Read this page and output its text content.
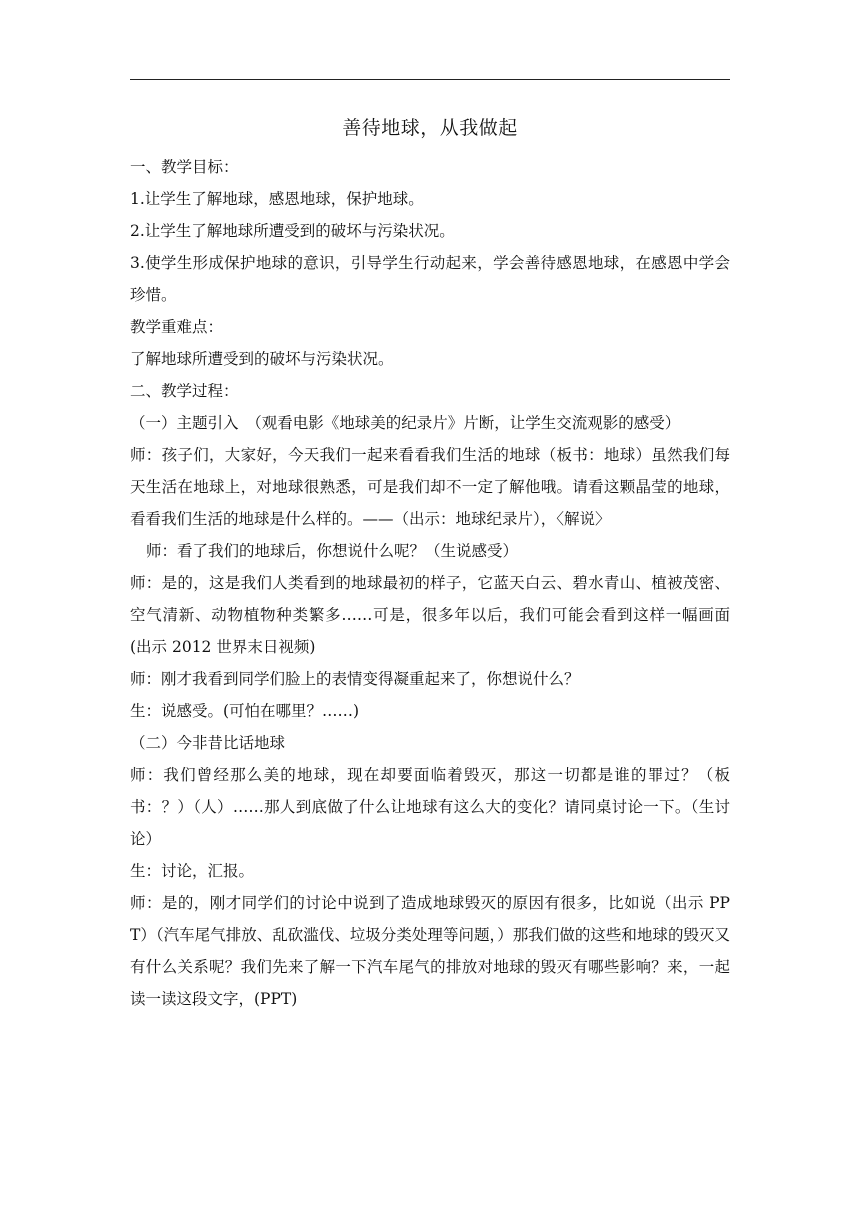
善待地球，从我做起

一、教学目标：

1.让学生了解地球，感恩地球，保护地球。

2.让学生了解地球所遭受到的破坏与污染状况。

3.使学生形成保护地球的意识，引导学生行动起来，学会善待感恩地球，在感恩中学会珍惜。

教学重难点：

了解地球所遭受到的破坏与污染状况。

二、教学过程：

（一）主题引入　（观看电影《地球美的纪录片》片断，让学生交流观影的感受）

师：孩子们，大家好，今天我们一起来看看我们生活的地球（板书：地球）虽然我们每天生活在地球上，对地球很熟悉，可是我们却不一定了解他哦。请看这颗晶莹的地球，看看我们生活的地球是什么样的。——（出示：地球纪录片），〈解说〉

师：看了我们的地球后，你想说什么呢？（生说感受）

师：是的，这是我们人类看到的地球最初的样子，它蓝天白云、碧水青山、植被茂密、空气清新、动物植物种类繁多……可是，很多年以后，我们可能会看到这样一幅画面　(出示 2012 世界末日视频)

师：刚才我看到同学们脸上的表情变得凝重起来了，你想说什么？

生：说感受。(可怕在哪里？……)

（二）今非昔比话地球

师：我们曾经那么美的地球，现在却要面临着毁灭，那这一切都是谁的罪过？（板书：？）（人）……那人到底做了什么让地球有这么大的变化？请同桌讨论一下。（生讨论）

生：讨论，汇报。

师：是的，刚才同学们的讨论中说到了造成地球毁灭的原因有很多，比如说（出示 PPT）（汽车尾气排放、乱砍滥伐、垃圾分类处理等问题，）那我们做的这些和地球的毁灭又有什么关系呢？我们先来了解一下汽车尾气的排放对地球的毁灭有哪些影响？来，一起读一读这段文字，(PPT)
